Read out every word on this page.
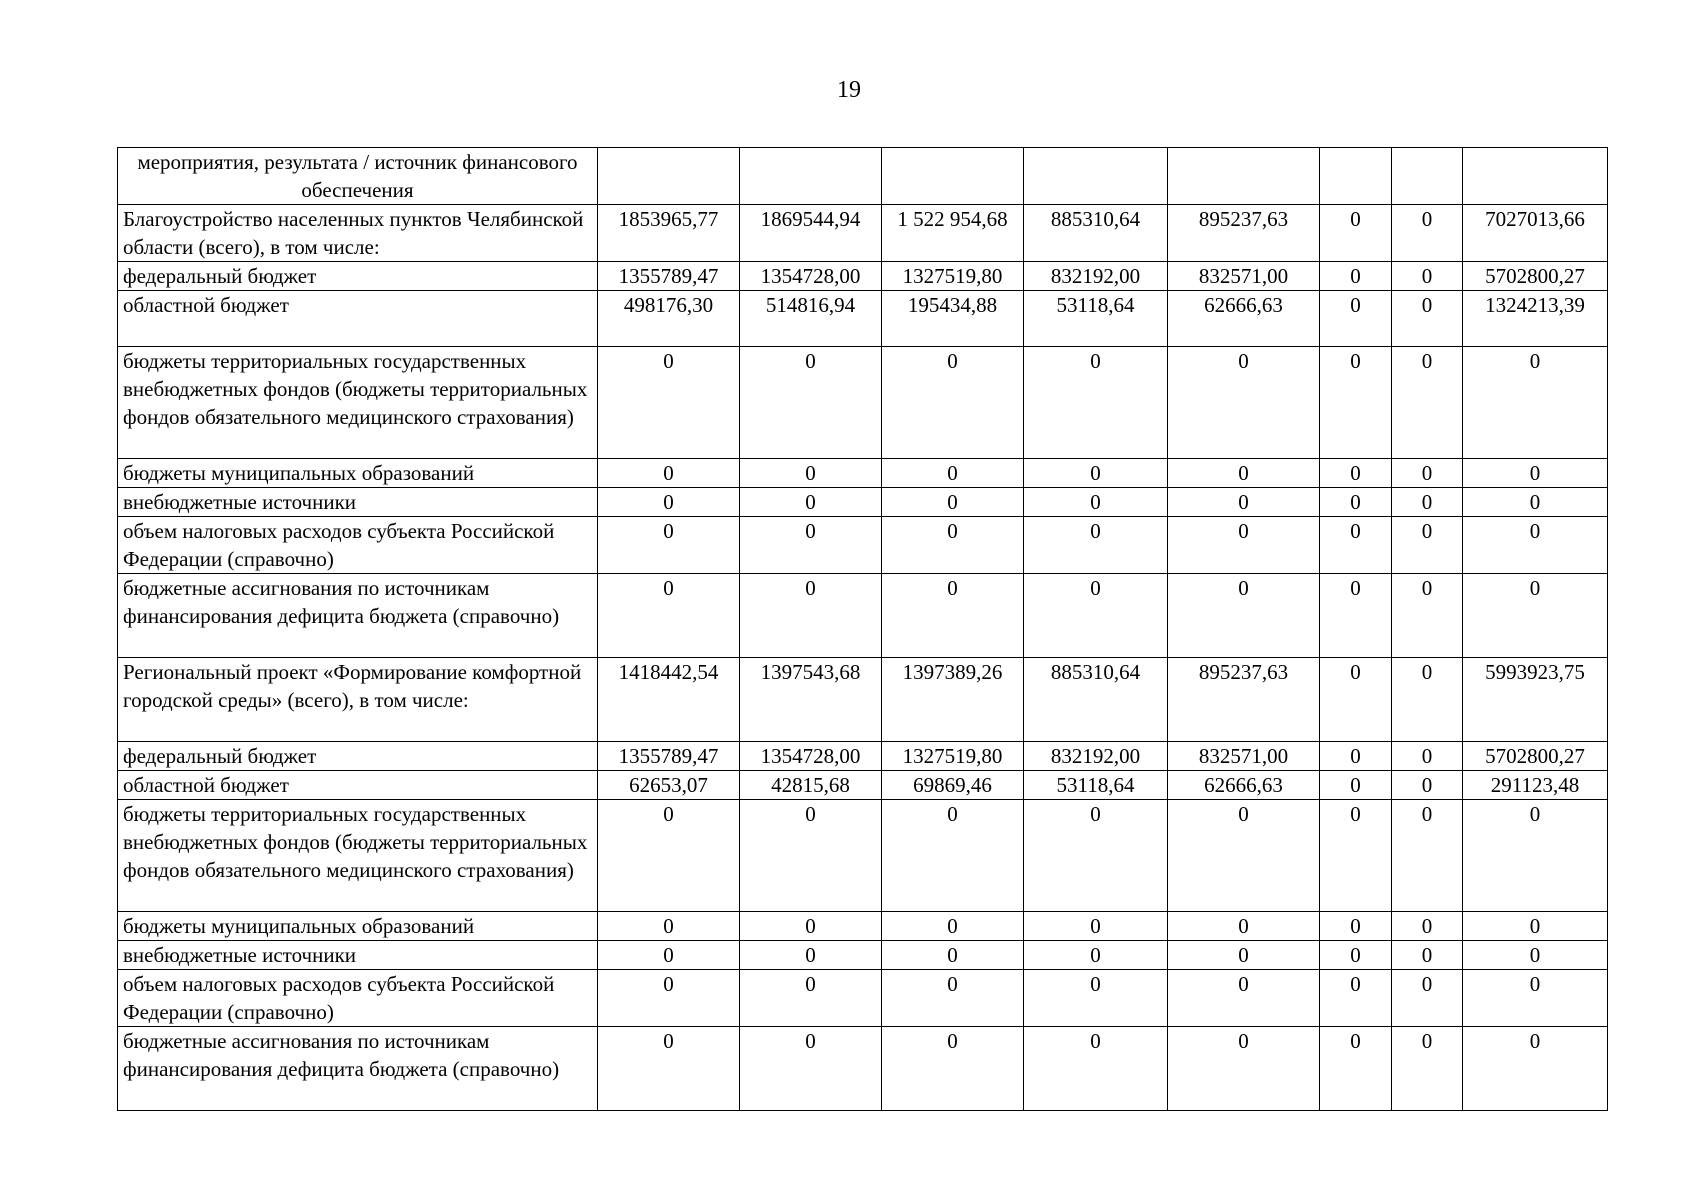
19
мероприятия, результата / источник финансового обеспечения								
Благоустройство населенных пунктов Челябинской области (всего), в том числе:	1853965,77	1869544,94	1 522 954,68	885310,64	895237,63	0	0	7027013,66
федеральный бюджет	1355789,47	1354728,00	1327519,80	832192,00	832571,00	0	0	5702800,27
областной бюджет	498176,30	514816,94	195434,88	53118,64	62666,63	0	0	1324213,39
бюджеты территориальных государственных внебюджетных фондов (бюджеты территориальных фондов обязательного медицинского страхования)	0	0	0	0	0	0	0	0
бюджеты муниципальных образований	0	0	0	0	0	0	0	0
внебюджетные источники	0	0	0	0	0	0	0	0
объем налоговых расходов субъекта Российской Федерации (справочно)	0	0	0	0	0	0	0	0
бюджетные ассигнования по источникам финансирования дефицита бюджета (справочно)	0	0	0	0	0	0	0	0
Региональный проект «Формирование комфортной городской среды» (всего), в том числе:	1418442,54	1397543,68	1397389,26	885310,64	895237,63	0	0	5993923,75
федеральный бюджет	1355789,47	1354728,00	1327519,80	832192,00	832571,00	0	0	5702800,27
областной бюджет	62653,07	42815,68	69869,46	53118,64	62666,63	0	0	291123,48
бюджеты территориальных государственных внебюджетных фондов (бюджеты территориальных фондов обязательного медицинского страхования)	0	0	0	0	0	0	0	0
бюджеты муниципальных образований	0	0	0	0	0	0	0	0
внебюджетные источники	0	0	0	0	0	0	0	0
объем налоговых расходов субъекта Российской Федерации (справочно)	0	0	0	0	0	0	0	0
бюджетные ассигнования по источникам финансирования дефицита бюджета (справочно)	0	0	0	0	0	0	0	0
